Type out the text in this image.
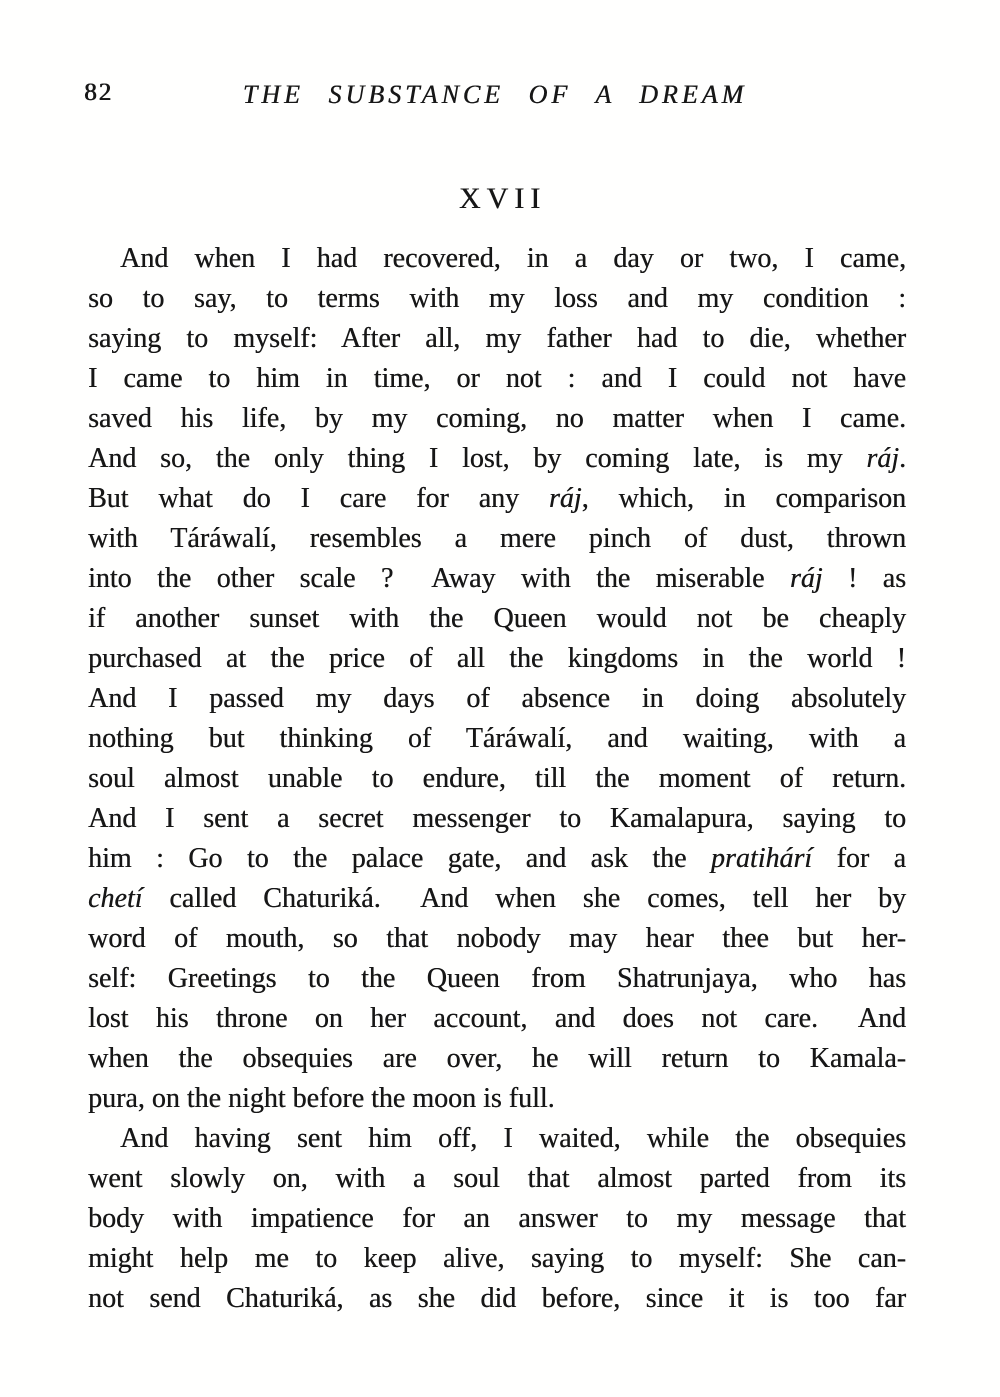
82	THE SUBSTANCE OF A DREAM
XVII
And when I had recovered, in a day or two, I came,
so to say, to terms with my loss and my condition :
saying to myself: After all, my father had to die, whether
I came to him in time, or not : and I could not have
saved his life, by my coming, no matter when I came.
And so, the only thing I lost, by coming late, is my ráj.
But what do I care for any ráj, which, in comparison
with Táráwalí, resembles a mere pinch of dust, thrown
into the other scale ?  Away with the miserable ráj ! as
if another sunset with the Queen would not be cheaply
purchased at the price of all the kingdoms in the world !
And I passed my days of absence in doing absolutely
nothing but thinking of Táráwalí, and waiting, with a
soul almost unable to endure, till the moment of return.
And I sent a secret messenger to Kamalapura, saying to
him : Go to the palace gate, and ask the pratihárí for a
chetí called Chaturiká.  And when she comes, tell her by
word of mouth, so that nobody may hear thee but her-
self: Greetings to the Queen from Shatrunjaya, who has
lost his throne on her account, and does not care.  And
when the obsequies are over, he will return to Kamala-
pura, on the night before the moon is full.
And having sent him off, I waited, while the obsequies
went slowly on, with a soul that almost parted from its
body with impatience for an answer to my message that
might help me to keep alive, saying to myself: She can-
not send Chaturiká, as she did before, since it is too far
